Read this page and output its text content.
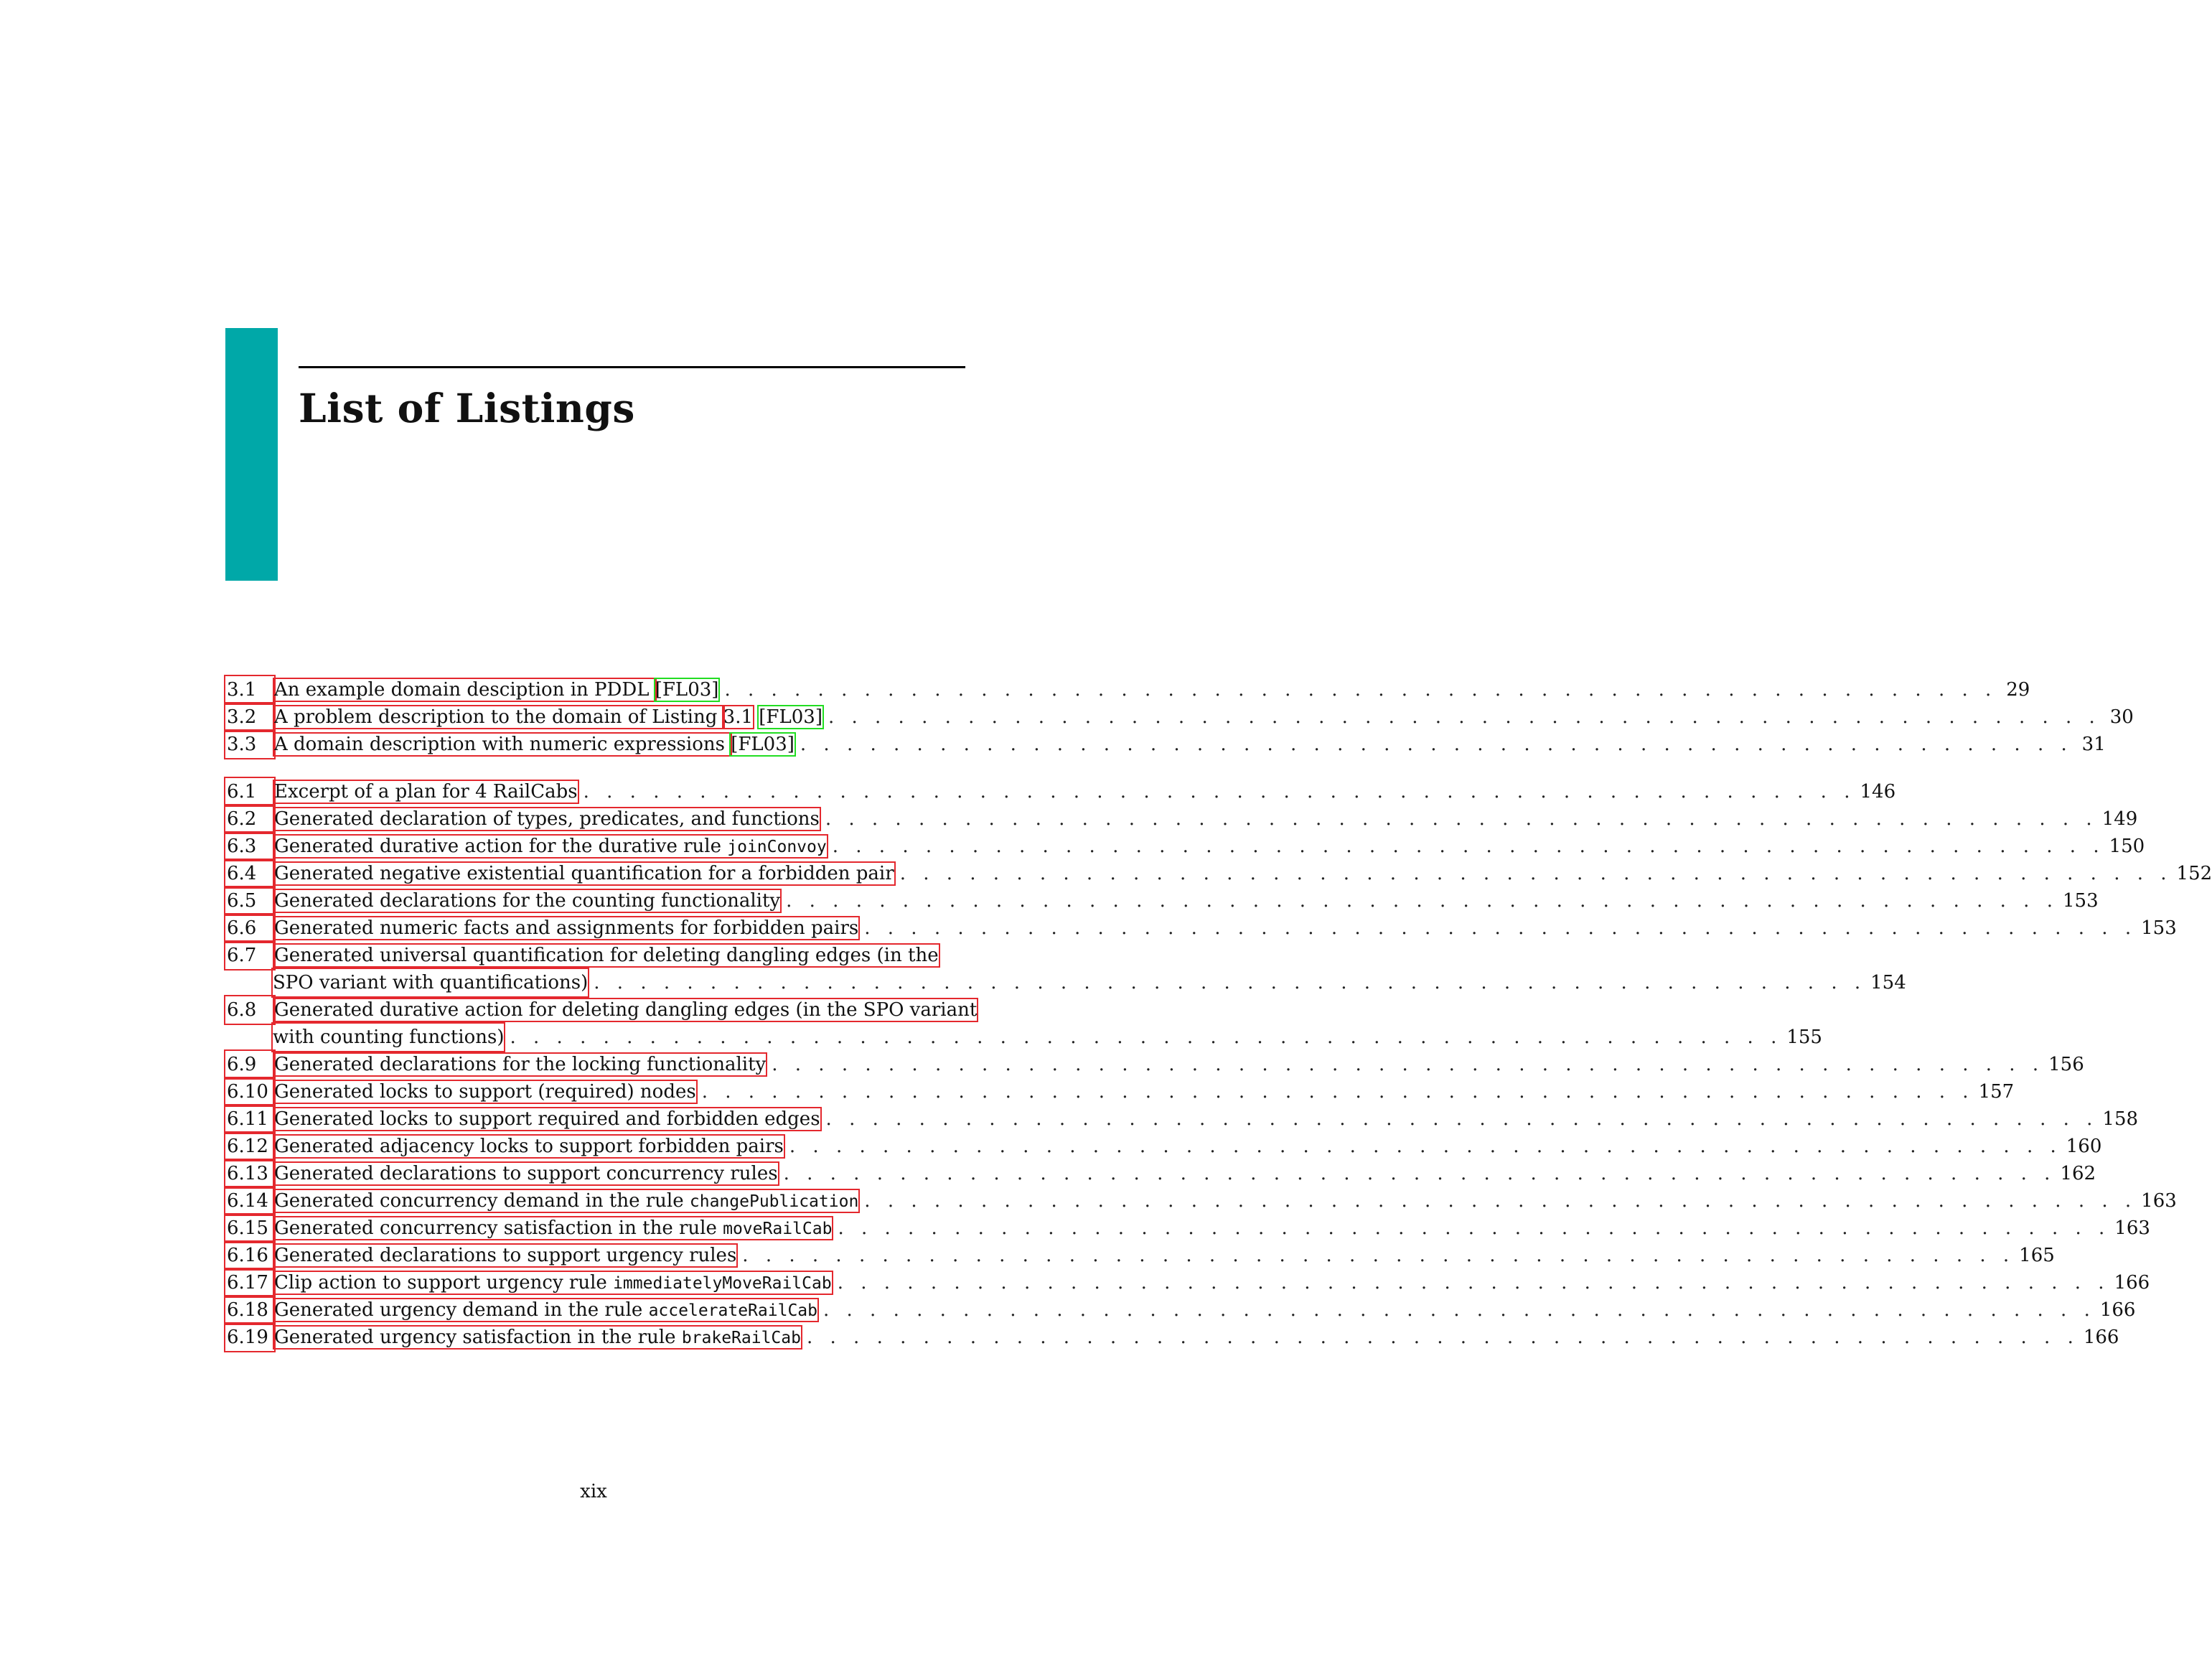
List of Listings
3.1 An example domain desciption in PDDL [FL03] . . . . . . . . . . . . . . . . . . . . . . . . . . . . . . . . . . . . . . . . . . . . . . . . . . . . . . . 29
3.2 A problem description to the domain of Listing 3.1 [FL03] . . . . . . . . . . . . . . . . . . . . . . . . . . . . . . . . . . . . . . . . . . . . . . . . . . . . . . . 30
3.3 A domain description with numeric expressions [FL03] . . . . . . . . . . . . . . . . . . . . . . . . . . . . . . . . . . . . . . . . . . . . . . . . . . . . . . . 31
6.1 Excerpt of a plan for 4 RailCabs . . . . . . . . . . . . . . . . . . . . . . . . . . . . . . . . . . . . . . . . . . . . . . . . . . . . . . . 146
6.2 Generated declaration of types, predicates, and functions . . . . . . . . . . . . . . . . . . . . . . . . . . . . . . . . . . . . . . . . . . . . . . . . . . . . . . . 149
6.3 Generated durative action for the durative rule joinConvoy . . . . . . . . . . . . . . . . . . . . . . . . . . . . . . . . . . . . . . . . . . . . . . . . . . . . . . . 150
6.4 Generated negative existential quantification for a forbidden pair . . . . . . . . . . . . . . . . . . . . . . . . . . . . . . . . . . . . . . . . . . . . . . . . . . . . . . . 152
6.5 Generated declarations for the counting functionality . . . . . . . . . . . . . . . . . . . . . . . . . . . . . . . . . . . . . . . . . . . . . . . . . . . . . . . 153
6.6 Generated numeric facts and assignments for forbidden pairs . . . . . . . . . . . . . . . . . . . . . . . . . . . . . . . . . . . . . . . . . . . . . . . . . . . . . . . 153
6.7 Generated universal quantification for deleting dangling edges (in the
SPO variant with quantifications) . . . . . . . . . . . . . . . . . . . . . . . . . . . . . . . . . . . . . . . . . . . . . . . . . . . . . . . 154
6.8 Generated durative action for deleting dangling edges (in the SPO variant
with counting functions) . . . . . . . . . . . . . . . . . . . . . . . . . . . . . . . . . . . . . . . . . . . . . . . . . . . . . . . 155
6.9 Generated declarations for the locking functionality . . . . . . . . . . . . . . . . . . . . . . . . . . . . . . . . . . . . . . . . . . . . . . . . . . . . . . . 156
6.10 Generated locks to support (required) nodes . . . . . . . . . . . . . . . . . . . . . . . . . . . . . . . . . . . . . . . . . . . . . . . . . . . . . . . 157
6.11 Generated locks to support required and forbidden edges . . . . . . . . . . . . . . . . . . . . . . . . . . . . . . . . . . . . . . . . . . . . . . . . . . . . . . . 158
6.12 Generated adjacency locks to support forbidden pairs . . . . . . . . . . . . . . . . . . . . . . . . . . . . . . . . . . . . . . . . . . . . . . . . . . . . . . . 160
6.13 Generated declarations to support concurrency rules . . . . . . . . . . . . . . . . . . . . . . . . . . . . . . . . . . . . . . . . . . . . . . . . . . . . . . . 162
6.14 Generated concurrency demand in the rule changePublication . . . . . . . . . . . . . . . . . . . . . . . . . . . . . . . . . . . . . . . . . . . . . . . . . . . . . . . 163
6.15 Generated concurrency satisfaction in the rule moveRailCab . . . . . . . . . . . . . . . . . . . . . . . . . . . . . . . . . . . . . . . . . . . . . . . . . . . . . . . 163
6.16 Generated declarations to support urgency rules . . . . . . . . . . . . . . . . . . . . . . . . . . . . . . . . . . . . . . . . . . . . . . . . . . . . . . . 165
6.17 Clip action to support urgency rule immediatelyMoveRailCab . . . . . . . . . . . . . . . . . . . . . . . . . . . . . . . . . . . . . . . . . . . . . . . . . . . . . . . 166
6.18 Generated urgency demand in the rule accelerateRailCab . . . . . . . . . . . . . . . . . . . . . . . . . . . . . . . . . . . . . . . . . . . . . . . . . . . . . . . 166
6.19 Generated urgency satisfaction in the rule brakeRailCab . . . . . . . . . . . . . . . . . . . . . . . . . . . . . . . . . . . . . . . . . . . . . . . . . . . . . . . 166
xix
